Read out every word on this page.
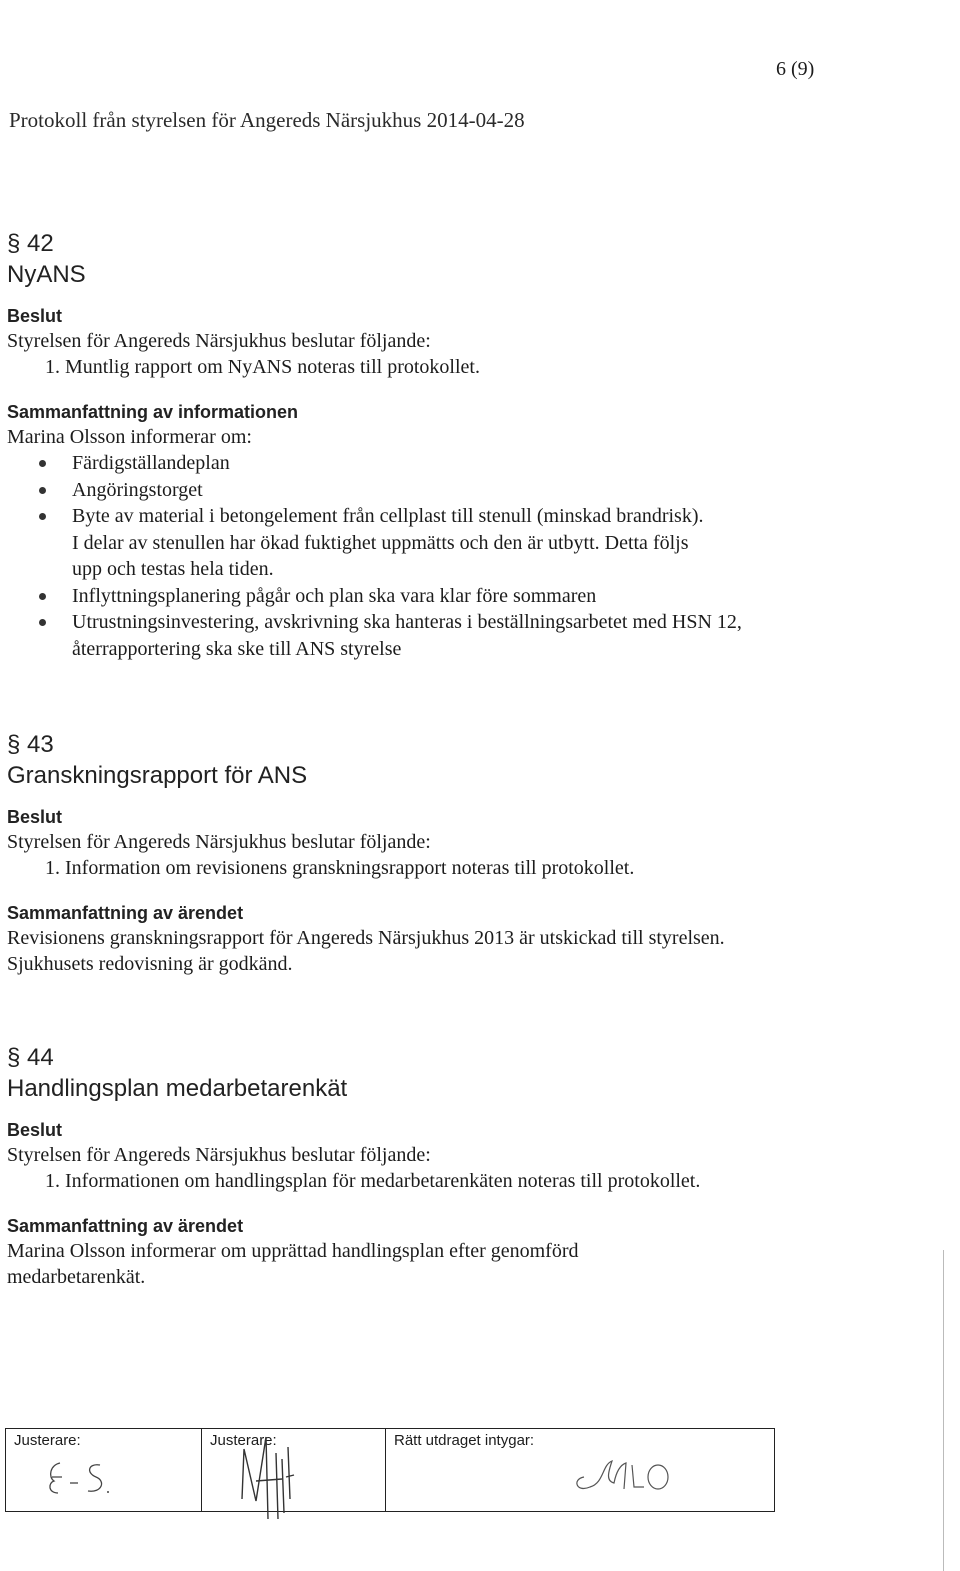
6 (9)
Protokoll från styrelsen för Angereds Närsjukhus 2014-04-28
§ 42
NyANS
Beslut
Styrelsen för Angereds Närsjukhus beslutar följande:
1. Muntlig rapport om NyANS noteras till protokollet.
Sammanfattning av informationen
Marina Olsson informerar om:
Färdigställandeplan
Angöringstorget
Byte av material i betongelement från cellplast till stenull (minskad brandrisk). I delar av stenullen har ökad fuktighet uppmätts och den är utbytt. Detta följs upp och testas hela tiden.
Inflyttningsplanering pågår och plan ska vara klar före sommaren
Utrustningsinvestering, avskrivning ska hanteras i beställningsarbetet med HSN 12, återrapportering ska ske till ANS styrelse
§ 43
Granskningsrapport för ANS
Beslut
Styrelsen för Angereds Närsjukhus beslutar följande:
1. Information om revisionens granskningsrapport noteras till protokollet.
Sammanfattning av ärendet
Revisionens granskningsrapport för Angereds Närsjukhus 2013 är utskickad till styrelsen. Sjukhusets redovisning är godkänd.
§ 44
Handlingsplan medarbetarenkät
Beslut
Styrelsen för Angereds Närsjukhus beslutar följande:
1. Informationen om handlingsplan för medarbetarenkäten noteras till protokollet.
Sammanfattning av ärendet
Marina Olsson informerar om upprättad handlingsplan efter genomförd medarbetarenkät.
Justerare:	Justerare:	Rätt utdraget intygar:
